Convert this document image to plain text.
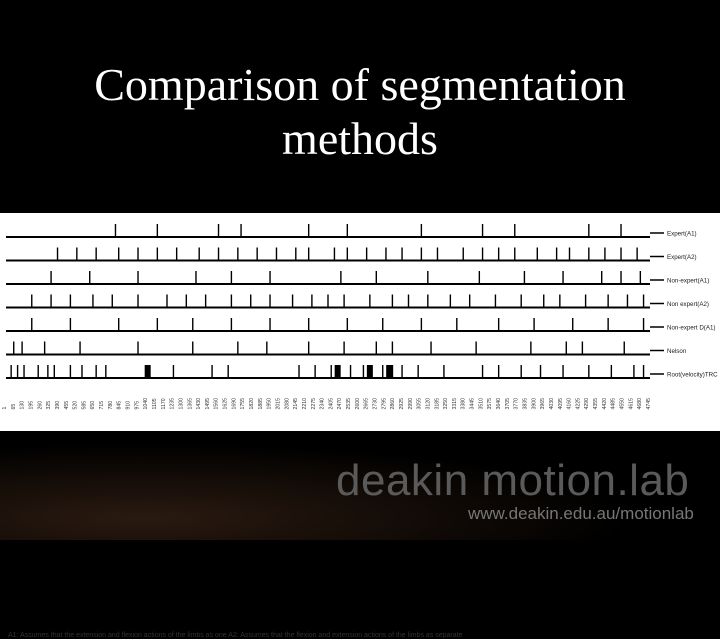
Comparison of segmentation
methods
Expert(A1)
Expert(A2)
Non-expert(A1)
Non expert(A2)
Non-expert D(A1)
Nelson
Root(velocity)TRC
1 65 130 195 260 325 390 455 520 585 650 715 780 845 910 975 1040 1105 1170 1235 1300 1365 1430 1495 1560 1625 1690 1755 1820 1885 1950 2015 2080 2145 2210 2275 2340 2405 2470 2535 2600 2665 2730 2795 2860 2925 2990 3055 3120 3185 3250 3315 3380 3445 3510 3575 3640 3705 3770 3835 3900 3965 4030 4095 4160 4225 4290 4355 4420 4485 4550 4615 4680 4745
A1: Assumes that the extension and flexion actions of the limbs as one A2: Assumes that the flexion and extension actions of the limbs as separate
deakin motion.lab
www.deakin.edu.au/motionlab
